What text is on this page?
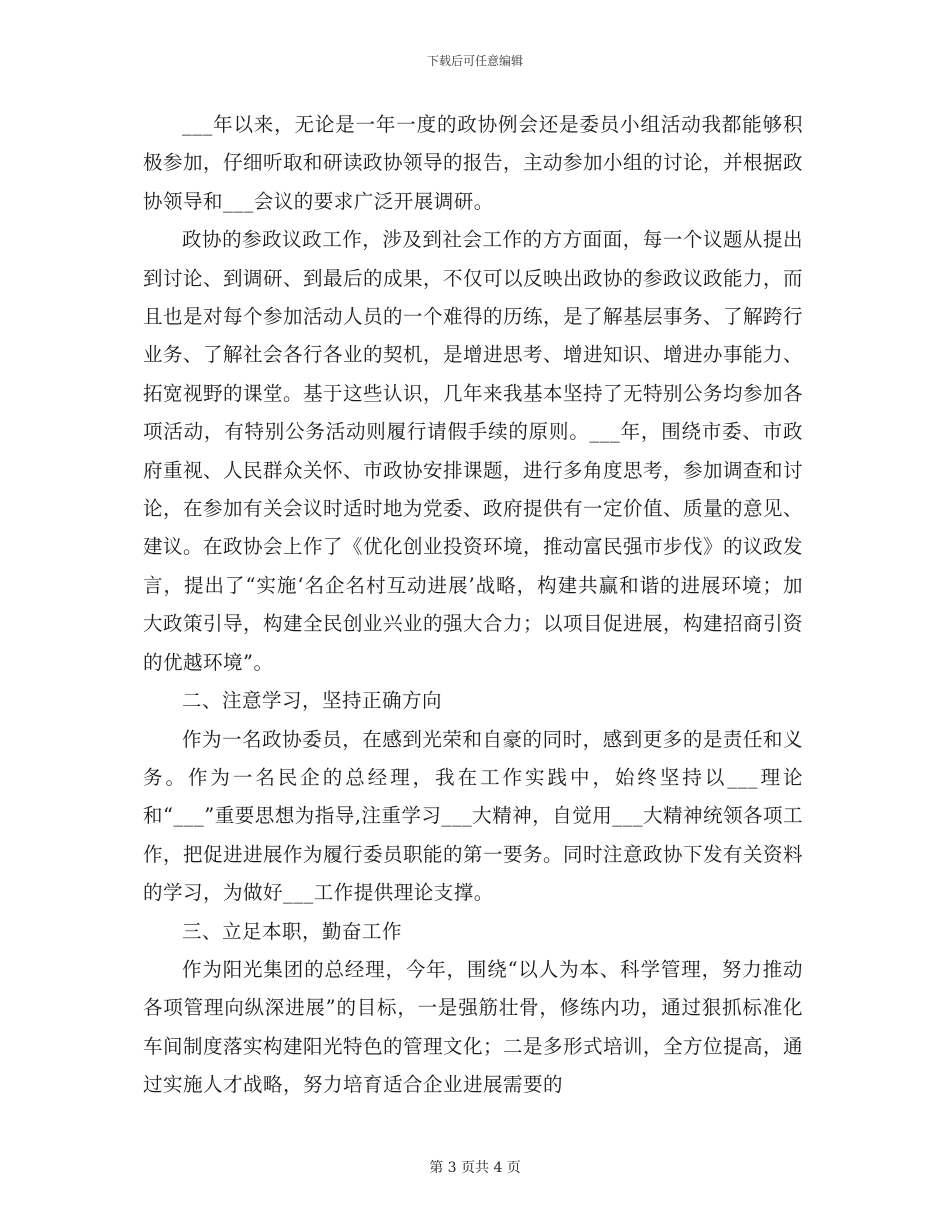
下载后可任意编辑

___年以来，无论是一年一度的政协例会还是委员小组活动我都能够积极参加，仔细听取和研读政协领导的报告，主动参加小组的讨论，并根据政协领导和___会议的要求广泛开展调研。

政协的参政议政工作，涉及到社会工作的方方面面，每一个议题从提出到讨论、到调研、到最后的成果，不仅可以反映出政协的参政议政能力，而且也是对每个参加活动人员的一个难得的历练，是了解基层事务、了解跨行业务、了解社会各行各业的契机，是增进思考、增进知识、增进办事能力、拓宽视野的课堂。基于这些认识，几年来我基本坚持了无特别公务均参加各项活动，有特别公务活动则履行请假手续的原则。___年，围绕市委、市政府重视、人民群众关怀、市政协安排课题，进行多角度思考，参加调查和讨论，在参加有关会议时适时地为党委、政府提供有一定价值、质量的意见、建议。在政协会上作了《优化创业投资环境，推动富民强市步伐》的议政发言，提出了“实施‘名企名村互动进展’战略，构建共赢和谐的进展环境；加大政策引导，构建全民创业兴业的强大合力；以项目促进展，构建招商引资的优越环境”。

二、注意学习，坚持正确方向

作为一名政协委员，在感到光荣和自豪的同时，感到更多的是责任和义务。作为一名民企的总经理，我在工作实践中，始终坚持以___理论和“___”重要思想为指导,注重学习___大精神，自觉用___大精神统领各项工作，把促进进展作为履行委员职能的第一要务。同时注意政协下发有关资料的学习，为做好___工作提供理论支撑。

三、立足本职，勤奋工作

作为阳光集团的总经理，今年，围绕“以人为本、科学管理，努力推动各项管理向纵深进展”的目标，一是强筋壮骨，修练内功，通过狠抓标准化车间制度落实构建阳光特色的管理文化；二是多形式培训，全方位提高，通过实施人才战略，努力培育适合企业进展需要的

第 3 页共 4 页
